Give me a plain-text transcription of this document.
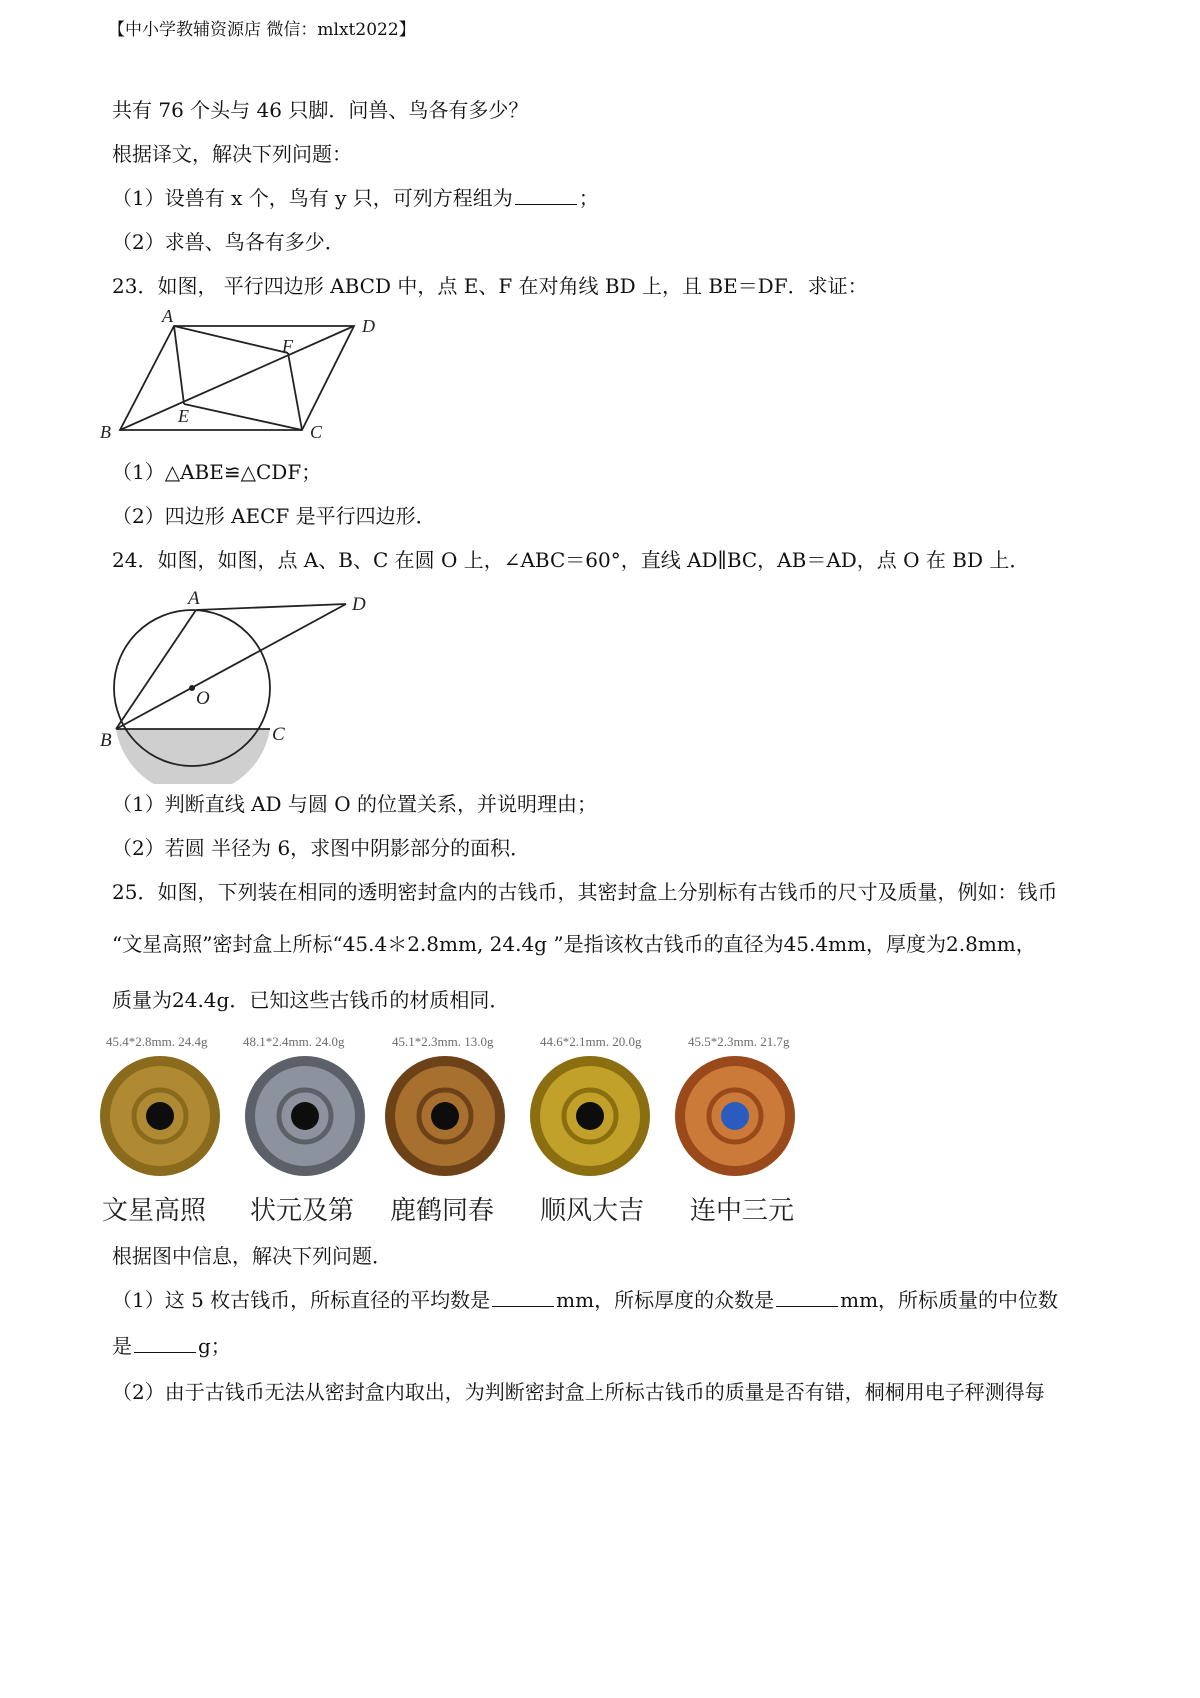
【中小学教辅资源店 微信：mlxt2022】
共有 76 个头与 46 只脚．问兽、鸟各有多少？
根据译文，解决下列问题：
（1）设兽有 x 个，鸟有 y 只，可列方程组为	；
（2）求兽、鸟各有多少．
23．如图， 平行四边形 ABCD 中，点 E、F 在对角线 BD 上，且 BE＝DF．求证：
A	D
F
E
B	C
（1）△ABE≌△CDF；
（2）四边形 AECF 是平行四边形．
24．如图，如图，点 A、B、C 在圆 O 上，∠ABC＝60°，直线 AD∥BC，AB＝AD，点 O 在 BD 上．
A	D
O
B	C
（1）判断直线 AD 与圆 O 的位置关系，并说明理由；
（2）若圆 半径为 6，求图中阴影部分的面积．
25．如图，下列装在相同的透明密封盒内的古钱币，其密封盒上分别标有古钱币的尺寸及质量，例如：钱币
“文星高照”密封盒上所标“45.4＊2.8mm, 24.4g ”是指该枚古钱币的直径为45.4mm，厚度为2.8mm，
质量为24.4g．已知这些古钱币的材质相同．
45.4*2.8mm. 24.4g	48.1*2.4mm. 24.0g	45.1*2.3mm. 13.0g	44.6*2.1mm. 20.0g	45.5*2.3mm. 21.7g
文星高照 状元及第 鹿鹤同春 顺风大吉 连中三元
根据图中信息，解决下列问题．
（1）这 5 枚古钱币，所标直径的平均数是	mm，所标厚度的众数是	mm，所标质量的中位数
是	g；
（2）由于古钱币无法从密封盒内取出，为判断密封盒上所标古钱币的质量是否有错，桐桐用电子秤测得每
